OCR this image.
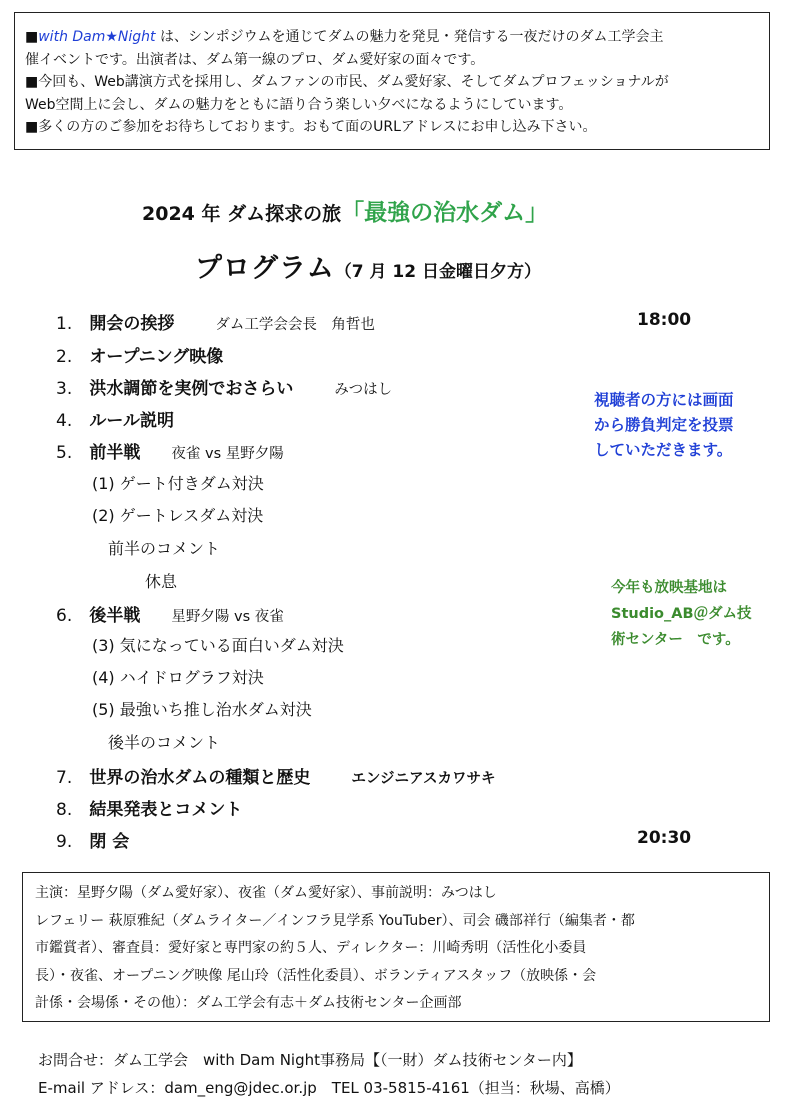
■with Dam★Night は、シンポジウムを通じてダムの魅力を発見・発信する一夜だけのダム工学会主
催イベントです。出演者は、ダム第一線のプロ、ダム愛好家の面々です。
■今回も、Web講演方式を採用し、ダムファンの市民、ダム愛好家、そしてダムプロフェッショナルが
Web空間上に会し、ダムの魅力をともに語り合う楽しい夕べになるようにしています。
■多くの方のご参加をお待ちしております。おもて面のURLアドレスにお申し込み下さい。
2024 年 ダム探求の旅「最強の治水ダム」
プログラム（7 月 12 日金曜日夕方）
1. 開会の挨拶	ダム工学会会長　角哲也	18:00
2. オープニング映像
3. 洪水調節を実例でおさらい	みつはし
4. ルール説明
5. 前半戦 夜雀 vs 星野夕陽
(1) ゲート付きダム対決
(2) ゲートレスダム対決
前半のコメント
休息
6. 後半戦 星野夕陽 vs 夜雀
(3) 気になっている面白いダム対決
(4) ハイドログラフ対決
(5) 最強いち推し治水ダム対決
後半のコメント
7. 世界の治水ダムの種類と歴史	エンジニアスカワサキ
8. 結果発表とコメント
9. 閉 会	20:30
視聴者の方には画面
から勝負判定を投票
していただきます。
今年も放映基地は
Studio_AB＠ダム技
術センター　です。
主演：星野夕陽（ダム愛好家）、夜雀（ダム愛好家）、事前説明：みつはし
レフェリー 萩原雅紀（ダムライター／インフラ見学系 YouTuber）、司会 磯部祥行（編集者・都
市鑑賞者）、審査員：愛好家と専門家の約５人、ディレクター：川崎秀明（活性化小委員
長）・夜雀、オープニング映像 尾山玲（活性化委員）、ボランティアスタッフ（放映係・会
計係・会場係・その他）：ダム工学会有志＋ダム技術センター企画部
お問合せ：ダム工学会　with Dam Night事務局【（一財）ダム技術センター内】
E-mail アドレス：dam_eng@jdec.or.jp　TEL 03-5815-4161（担当：秋場、高橋）
